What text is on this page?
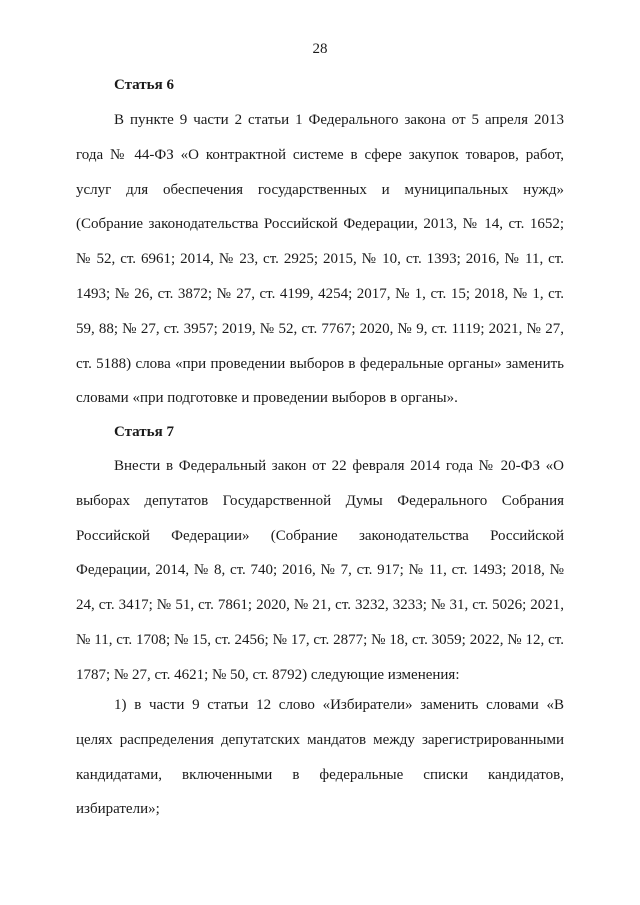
28
Статья 6
В пункте 9 части 2 статьи 1 Федерального закона от 5 апреля 2013 года № 44-ФЗ «О контрактной системе в сфере закупок товаров, работ, услуг для обеспечения государственных и муниципальных нужд» (Собрание законодательства Российской Федерации, 2013, № 14, ст. 1652; № 52, ст. 6961; 2014, № 23, ст. 2925; 2015, № 10, ст. 1393; 2016, № 11, ст. 1493; № 26, ст. 3872; № 27, ст. 4199, 4254; 2017, № 1, ст. 15; 2018, № 1, ст. 59, 88; № 27, ст. 3957; 2019, № 52, ст. 7767; 2020, № 9, ст. 1119; 2021, № 27, ст. 5188) слова «при проведении выборов в федеральные органы» заменить словами «при подготовке и проведении выборов в органы».
Статья 7
Внести в Федеральный закон от 22 февраля 2014 года № 20-ФЗ «О выборах депутатов Государственной Думы Федерального Собрания Российской Федерации» (Собрание законодательства Российской Федерации, 2014, № 8, ст. 740; 2016, № 7, ст. 917; № 11, ст. 1493; 2018, № 24, ст. 3417; № 51, ст. 7861; 2020, № 21, ст. 3232, 3233; № 31, ст. 5026; 2021, № 11, ст. 1708; № 15, ст. 2456; № 17, ст. 2877; № 18, ст. 3059; 2022, № 12, ст. 1787; № 27, ст. 4621; № 50, ст. 8792) следующие изменения:
1) в части 9 статьи 12 слово «Избиратели» заменить словами «В целях распределения депутатских мандатов между зарегистрированными кандидатами, включенными в федеральные списки кандидатов, избиратели»;
